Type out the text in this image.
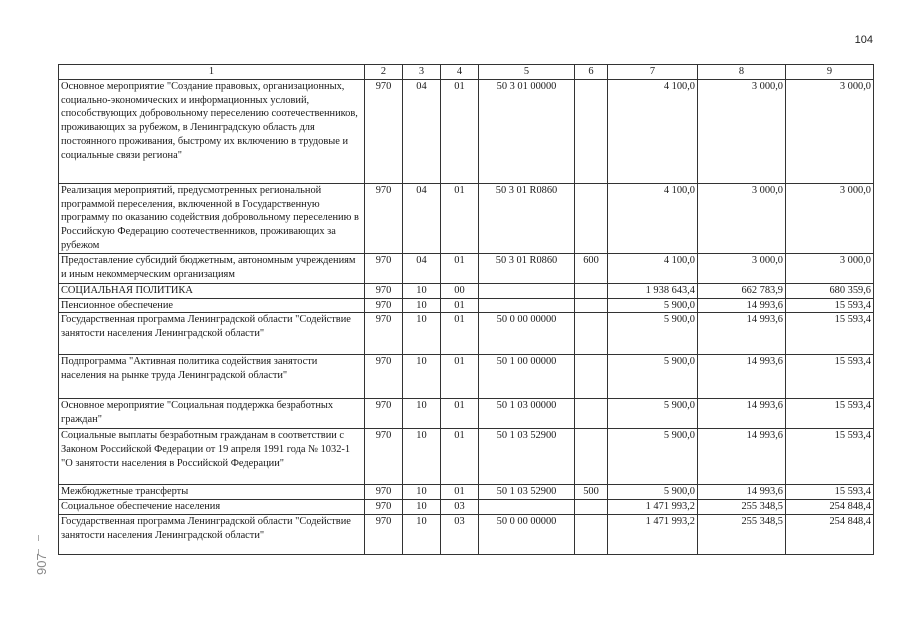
104
1	2	3	4	5	6	7	8	9
Основное мероприятие "Создание правовых, организационных, социально-экономических и информационных условий, способствующих добровольному переселению соотечественников, проживающих за рубежом, в Ленинградскую область для постоянного проживания, быстрому их включению в трудовые и социальные связи региона"	970	04	01	50 3 01 00000		4 100,0	3 000,0	3 000,0
Реализация мероприятий, предусмотренных региональной программой переселения, включенной в Государственную программу по оказанию содействия добровольному переселению в Российскую Федерацию соотечественников, проживающих за рубежом	970	04	01	50 3 01 R0860		4 100,0	3 000,0	3 000,0
Предоставление субсидий бюджетным, автономным учреждениям и иным некоммерческим организациям	970	04	01	50 3 01 R0860	600	4 100,0	3 000,0	3 000,0
СОЦИАЛЬНАЯ ПОЛИТИКА	970	10	00			1 938 643,4	662 783,9	680 359,6
Пенсионное обеспечение	970	10	01			5 900,0	14 993,6	15 593,4
Государственная программа Ленинградской области "Содействие занятости населения Ленинградской области"	970	10	01	50 0 00 00000		5 900,0	14 993,6	15 593,4
Подпрограмма "Активная политика содействия занятости населения на рынке труда Ленинградской области"	970	10	01	50 1 00 00000		5 900,0	14 993,6	15 593,4
Основное мероприятие "Социальная поддержка безработных граждан"	970	10	01	50 1 03 00000		5 900,0	14 993,6	15 593,4
Социальные выплаты безработным гражданам в соответствии с Законом Российской Федерации от 19 апреля 1991 года № 1032-1 "О занятости населения в Российской Федерации"	970	10	01	50 1 03 52900		5 900,0	14 993,6	15 593,4
Межбюджетные трансферты	970	10	01	50 1 03 52900	500	5 900,0	14 993,6	15 593,4
Социальное обеспечение населения	970	10	03			1 471 993,2	255 348,5	254 848,4
Государственная программа Ленинградской области "Содействие занятости населения Ленинградской области"	970	10	03	50 0 00 00000		1 471 993,2	255 348,5	254 848,4
907
